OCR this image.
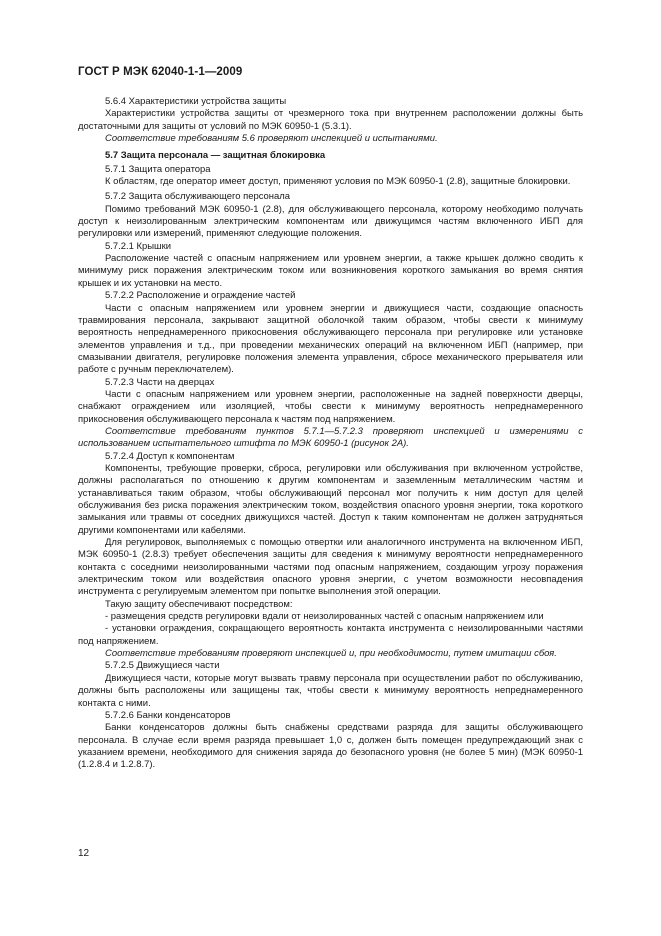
ГОСТ Р МЭК 62040-1-1—2009

5.6.4 Характеристики устройства защиты

Характеристики устройства защиты от чрезмерного тока при внутреннем расположении должны быть достаточными для защиты от условий по МЭК 60950-1 (5.3.1).

Соответствие требованиям 5.6 проверяют инспекцией и испытаниями.

5.7 Защита персонала — защитная блокировка

5.7.1 Защита оператора

К областям, где оператор имеет доступ, применяют условия по МЭК 60950-1 (2.8), защитные блокировки.

5.7.2 Защита обслуживающего персонала

Помимо требований МЭК 60950-1 (2.8), для обслуживающего персонала, которому необходимо получать доступ к неизолированным электрическим компонентам или движущимся частям включенного ИБП для регулировки или измерений, применяют следующие положения.

5.7.2.1 Крышки

Расположение частей с опасным напряжением или уровнем энергии, а также крышек должно сводить к минимуму риск поражения электрическим током или возникновения короткого замыкания во время снятия крышек и их установки на место.

5.7.2.2 Расположение и ограждение частей

Части с опасным напряжением или уровнем энергии и движущиеся части, создающие опасность травмирования персонала, закрывают защитной оболочкой таким образом, чтобы свести к минимуму вероятность непреднамеренного прикосновения обслуживающего персонала при регулировке или установке элементов управления и т.д., при проведении механических операций на включенном ИБП (например, при смазывании двигателя, регулировке положения элемента управления, сбросе механического прерывателя или работе с ручным переключателем).

5.7.2.3 Части на дверцах

Части с опасным напряжением или уровнем энергии, расположенные на задней поверхности дверцы, снабжают ограждением или изоляцией, чтобы свести к минимуму вероятность непреднамеренного прикосновения обслуживающего персонала к частям под напряжением.

Соответствие требованиям пунктов 5.7.1—5.7.2.3 проверяют инспекцией и измерениями с использованием испытательного штифта по МЭК 60950-1 (рисунок 2А).

5.7.2.4 Доступ к компонентам

Компоненты, требующие проверки, сброса, регулировки или обслуживания при включенном устройстве, должны располагаться по отношению к другим компонентам и заземленным металлическим частям и устанавливаться таким образом, чтобы обслуживающий персонал мог получить к ним доступ для целей обслуживания без риска поражения электрическим током, воздействия опасного уровня энергии, тока короткого замыкания или травмы от соседних движущихся частей. Доступ к таким компонентам не должен затрудняться другими компонентами или кабелями.

Для регулировок, выполняемых с помощью отвертки или аналогичного инструмента на включенном ИБП, МЭК 60950-1 (2.8.3) требует обеспечения защиты для сведения к минимуму вероятности непреднамеренного контакта с соседними неизолированными частями под опасным напряжением, создающим угрозу поражения электрическим током или воздействия опасного уровня энергии, с учетом возможности несовпадения инструмента с регулируемым элементом при попытке выполнения этой операции.

Такую защиту обеспечивают посредством:

- размещения средств регулировки вдали от неизолированных частей с опасным напряжением или

- установки ограждения, сокращающего вероятность контакта инструмента с неизолированными частями под напряжением.

Соответствие требованиям проверяют инспекцией и, при необходимости, путем имитации сбоя.

5.7.2.5 Движущиеся части

Движущиеся части, которые могут вызвать травму персонала при осуществлении работ по обслуживанию, должны быть расположены или защищены так, чтобы свести к минимуму вероятность непреднамеренного контакта с ними.

5.7.2.6 Банки конденсаторов

Банки конденсаторов должны быть снабжены средствами разряда для защиты обслуживающего персонала. В случае если время разряда превышает 1,0 с, должен быть помещен предупреждающий знак с указанием времени, необходимого для снижения заряда до безопасного уровня (не более 5 мин) (МЭК 60950-1 (1.2.8.4 и 1.2.8.7).

12
